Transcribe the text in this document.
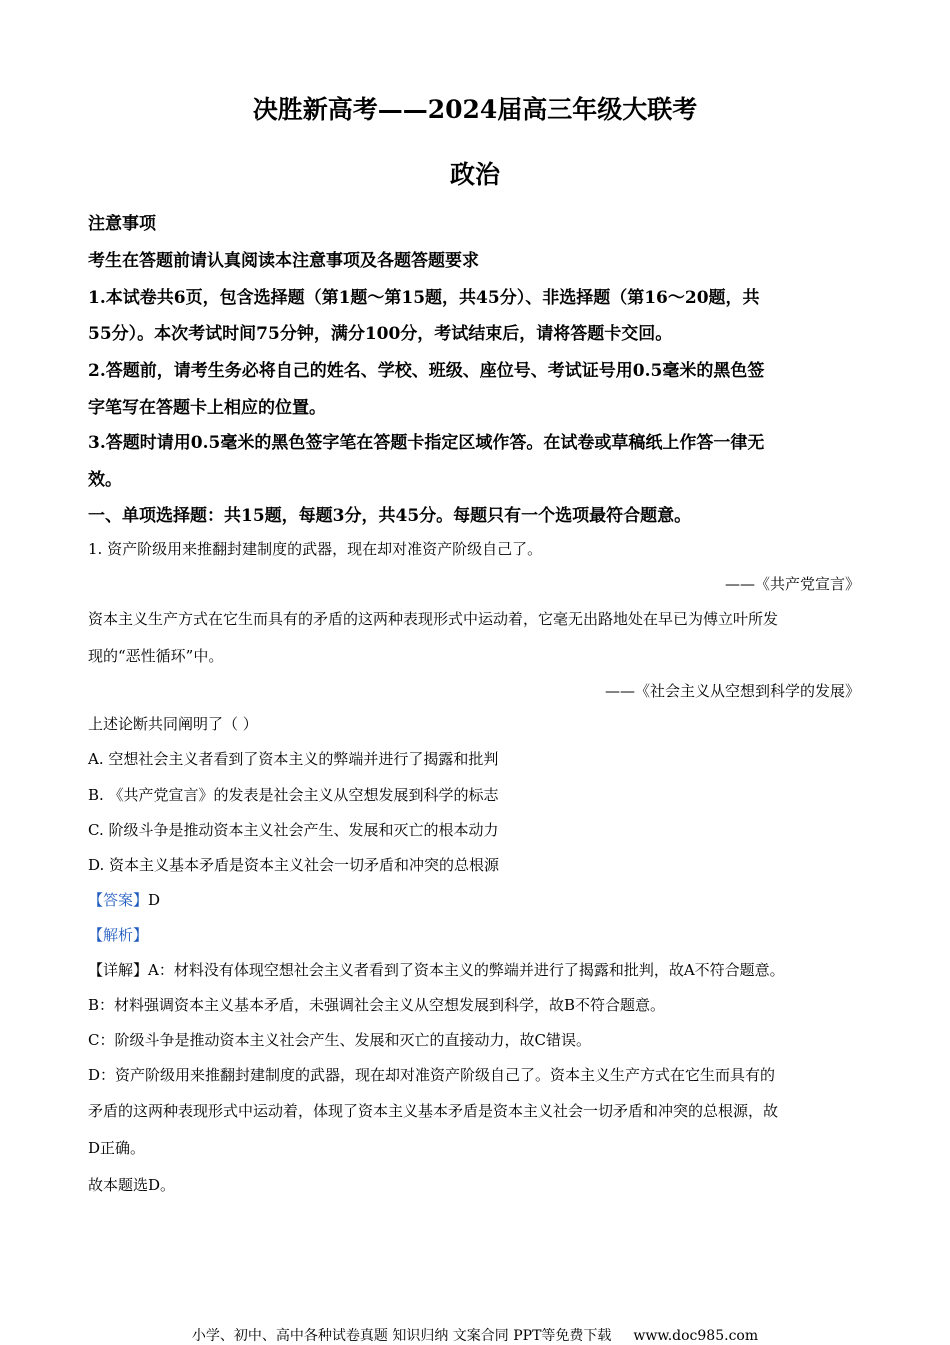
决胜新高考——2024届高三年级大联考
政治
注意事项
考生在答题前请认真阅读本注意事项及各题答题要求
1.本试卷共6页，包含选择题（第1题～第15题，共45分）、非选择题（第16～20题，共
55分）。本次考试时间75分钟，满分100分，考试结束后，请将答题卡交回。
2.答题前，请考生务必将自己的姓名、学校、班级、座位号、考试证号用0.5毫米的黑色签
字笔写在答题卡上相应的位置。
3.答题时请用0.5毫米的黑色签字笔在答题卡指定区域作答。在试卷或草稿纸上作答一律无
效。
一、单项选择题：共15题，每题3分，共45分。每题只有一个选项最符合题意。
1. 资产阶级用来推翻封建制度的武器，现在却对准资产阶级自己了。
——《共产党宣言》
资本主义生产方式在它生而具有的矛盾的这两种表现形式中运动着，它毫无出路地处在早已为傅立叶所发
现的“恶性循环”中。
——《社会主义从空想到科学的发展》
上述论断共同阐明了（ ）
A. 空想社会主义者看到了资本主义的弊端并进行了揭露和批判
B. 《共产党宣言》的发表是社会主义从空想发展到科学的标志
C. 阶级斗争是推动资本主义社会产生、发展和灭亡的根本动力
D. 资本主义基本矛盾是资本主义社会一切矛盾和冲突的总根源
【答案】D
【解析】
【详解】A：材料没有体现空想社会主义者看到了资本主义的弊端并进行了揭露和批判，故A不符合题意。
B：材料强调资本主义基本矛盾，未强调社会主义从空想发展到科学，故B不符合题意。
C：阶级斗争是推动资本主义社会产生、发展和灭亡的直接动力，故C错误。
D：资产阶级用来推翻封建制度的武器，现在却对准资产阶级自己了。资本主义生产方式在它生而具有的
矛盾的这两种表现形式中运动着，体现了资本主义基本矛盾是资本主义社会一切矛盾和冲突的总根源，故
D正确。
故本题选D。
小学、初中、高中各种试卷真题 知识归纳 文案合同 PPT等免费下载 www.doc985.com
